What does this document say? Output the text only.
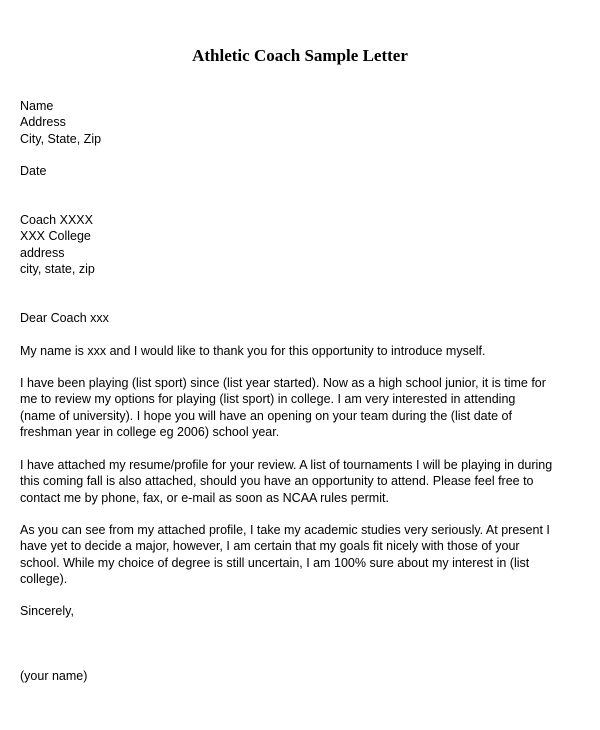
Athletic Coach Sample Letter
Name
Address
City, State, Zip
Date
Coach XXXX
XXX College
address
city, state, zip
Dear Coach xxx
My name is xxx and I would like to thank you for this opportunity to introduce myself.
I have been playing (list sport) since (list year started). Now as a high school junior, it is time for
me to review my options for playing (list sport) in college. I am very interested in attending
(name of university). I hope you will have an opening on your team during the (list date of
freshman year in college eg 2006) school year.
I have attached my resume/profile for your review. A list of tournaments I will be playing in during
this coming fall is also attached, should you have an opportunity to attend. Please feel free to
contact me by phone, fax, or e-mail as soon as NCAA rules permit.
As you can see from my attached profile, I take my academic studies very seriously. At present I
have yet to decide a major, however, I am certain that my goals fit nicely with those of your
school. While my choice of degree is still uncertain, I am 100% sure about my interest in (list
college).
Sincerely,
(your name)
